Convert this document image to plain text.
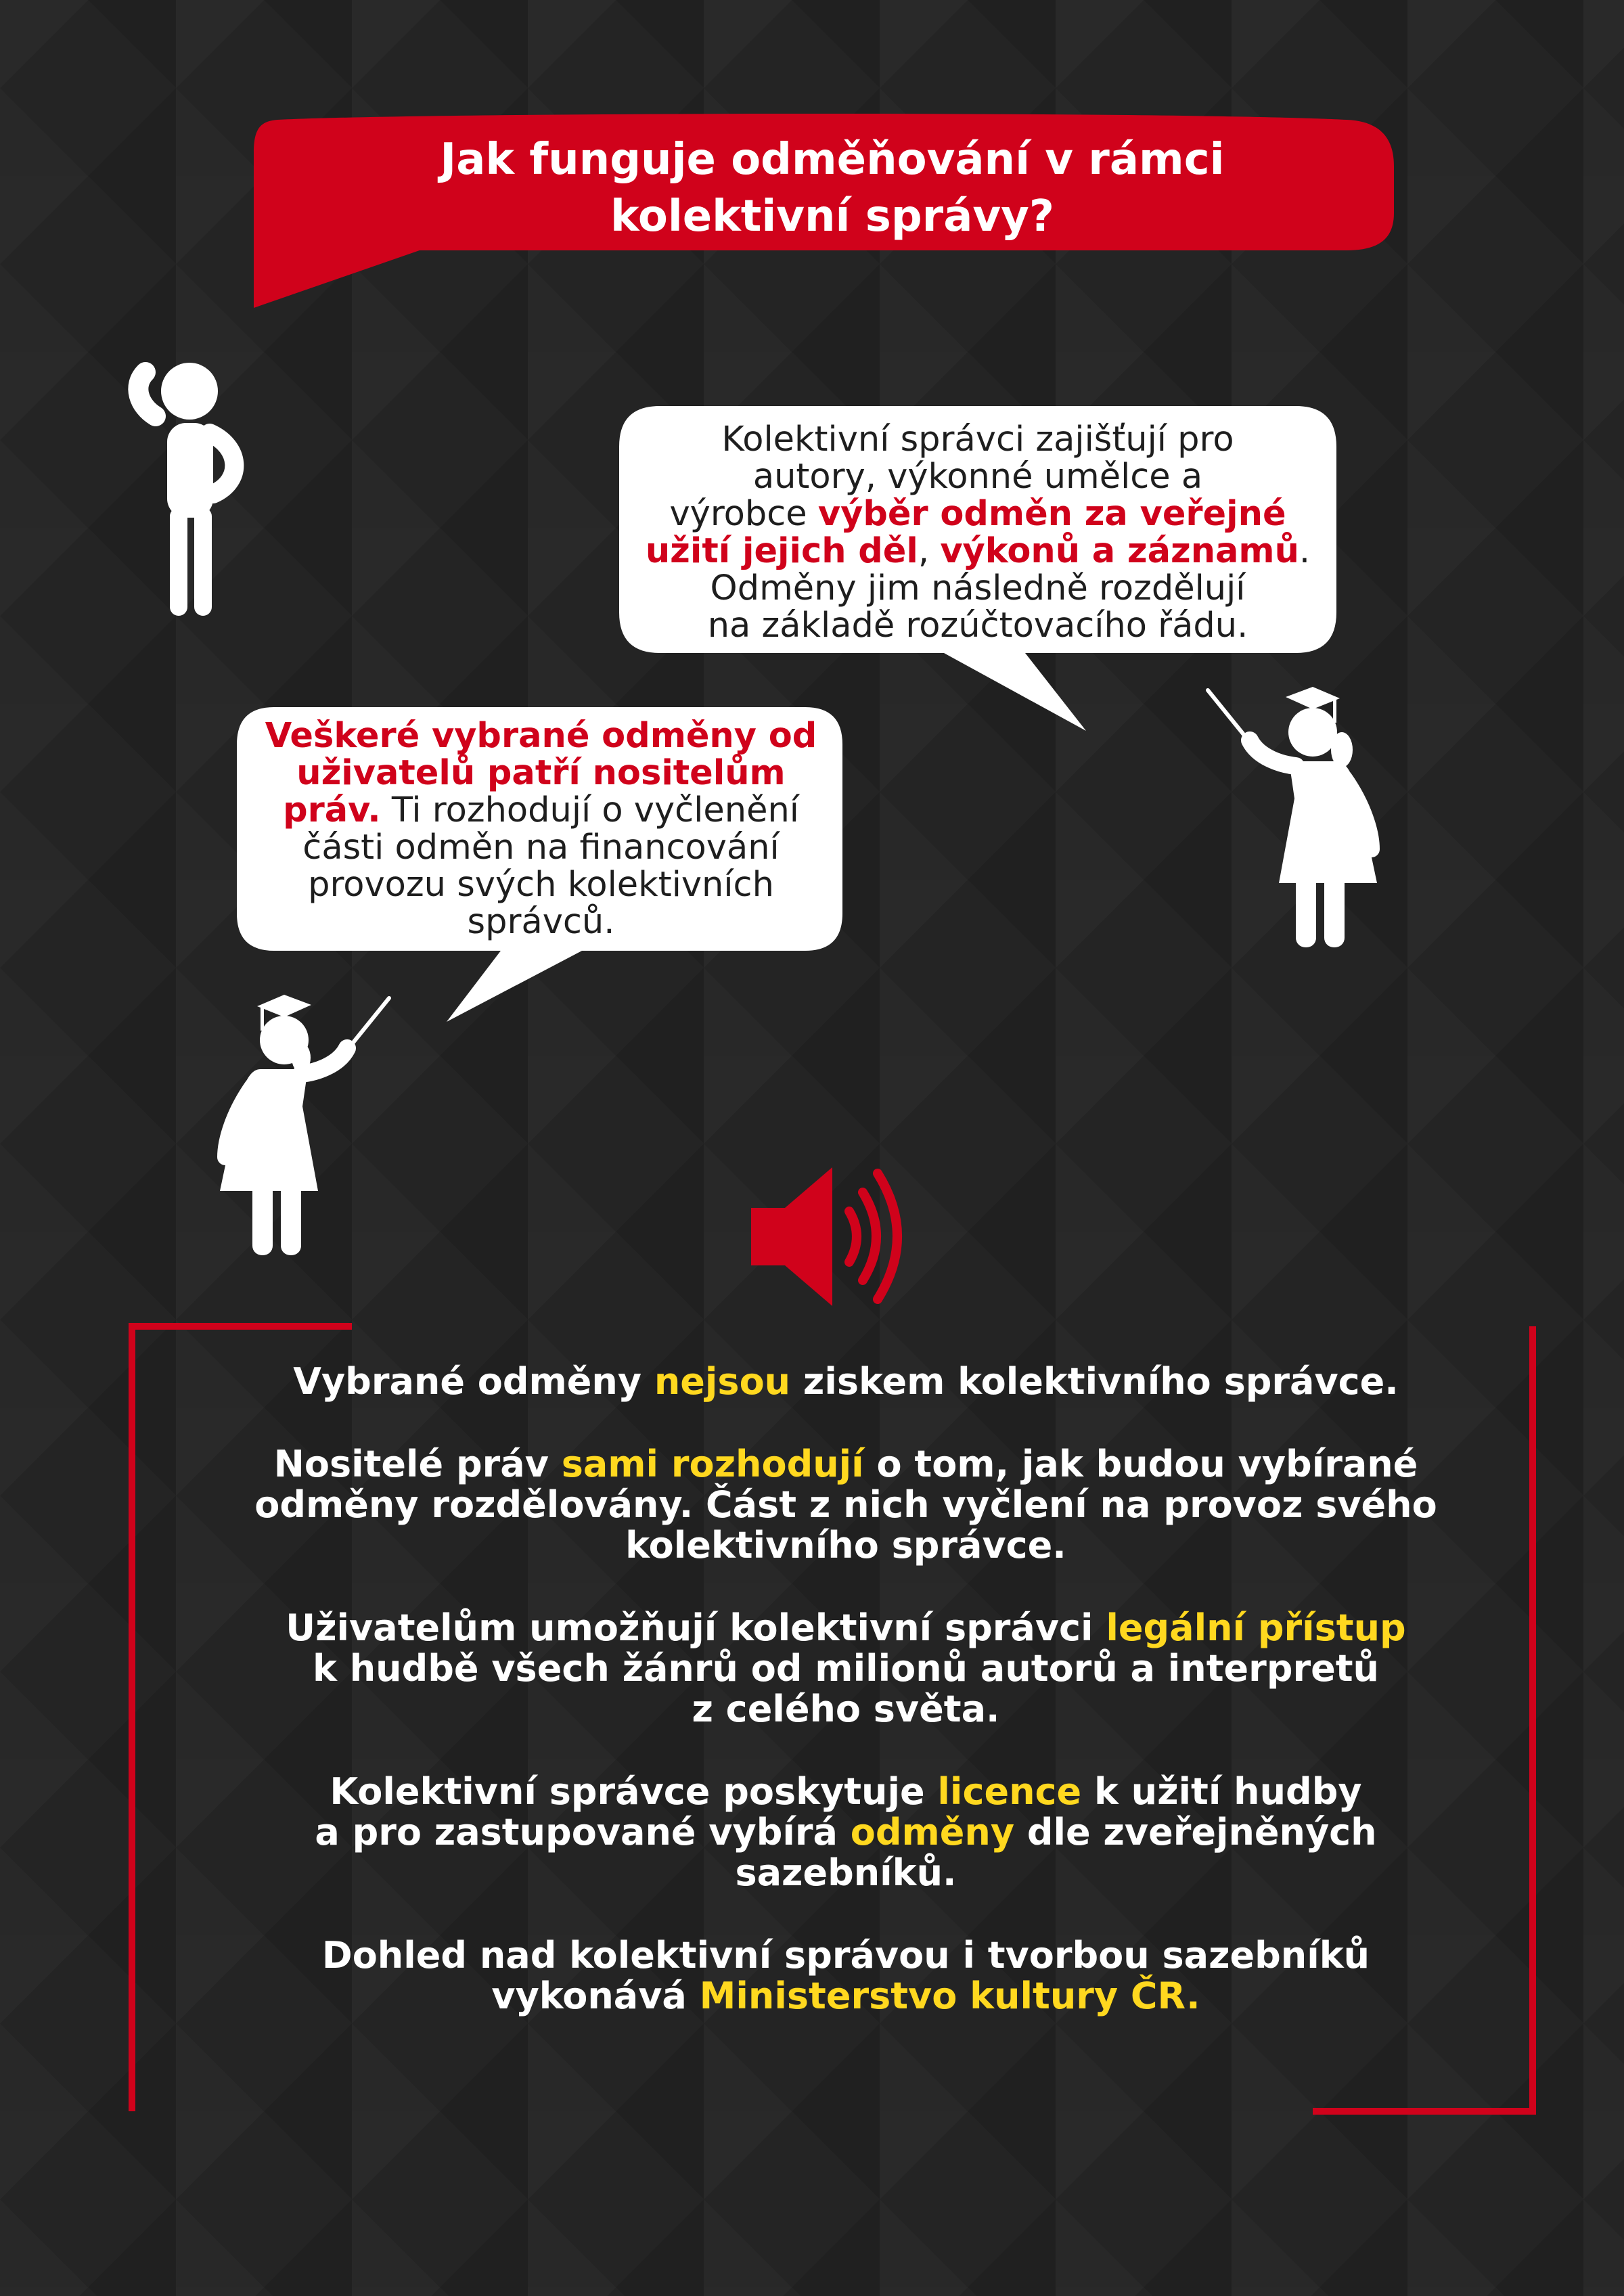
Jak funguje odměňování v rámci
kolektivní správy?
Kolektivní správci zajišťují pro
autory, výkonné umělce a
výrobce výběr odměn za veřejné
užití jejich děl, výkonů a záznamů.
Odměny jim následně rozdělují
na základě rozúčtovacího řádu.
Veškeré vybrané odměny od
uživatelů patří nositelům
práv. Ti rozhodují o vyčlenění
části odměn na financování
provozu svých kolektivních
správců.

Vybrané odměny nejsou ziskem kolektivního správce.

Nositelé práv sami rozhodují o tom, jak budou vybírané
odměny rozdělovány. Část z nich vyčlení na provoz svého
kolektivního správce.

Uživatelům umožňují kolektivní správci legální přístup
k hudbě všech žánrů od milionů autorů a interpretů
z celého světa.

Kolektivní správce poskytuje licence k užití hudby
a pro zastupované vybírá odměny dle zveřejněných
sazebníků.

Dohled nad kolektivní správou i tvorbou sazebníků
vykonává Ministerstvo kultury ČR.
